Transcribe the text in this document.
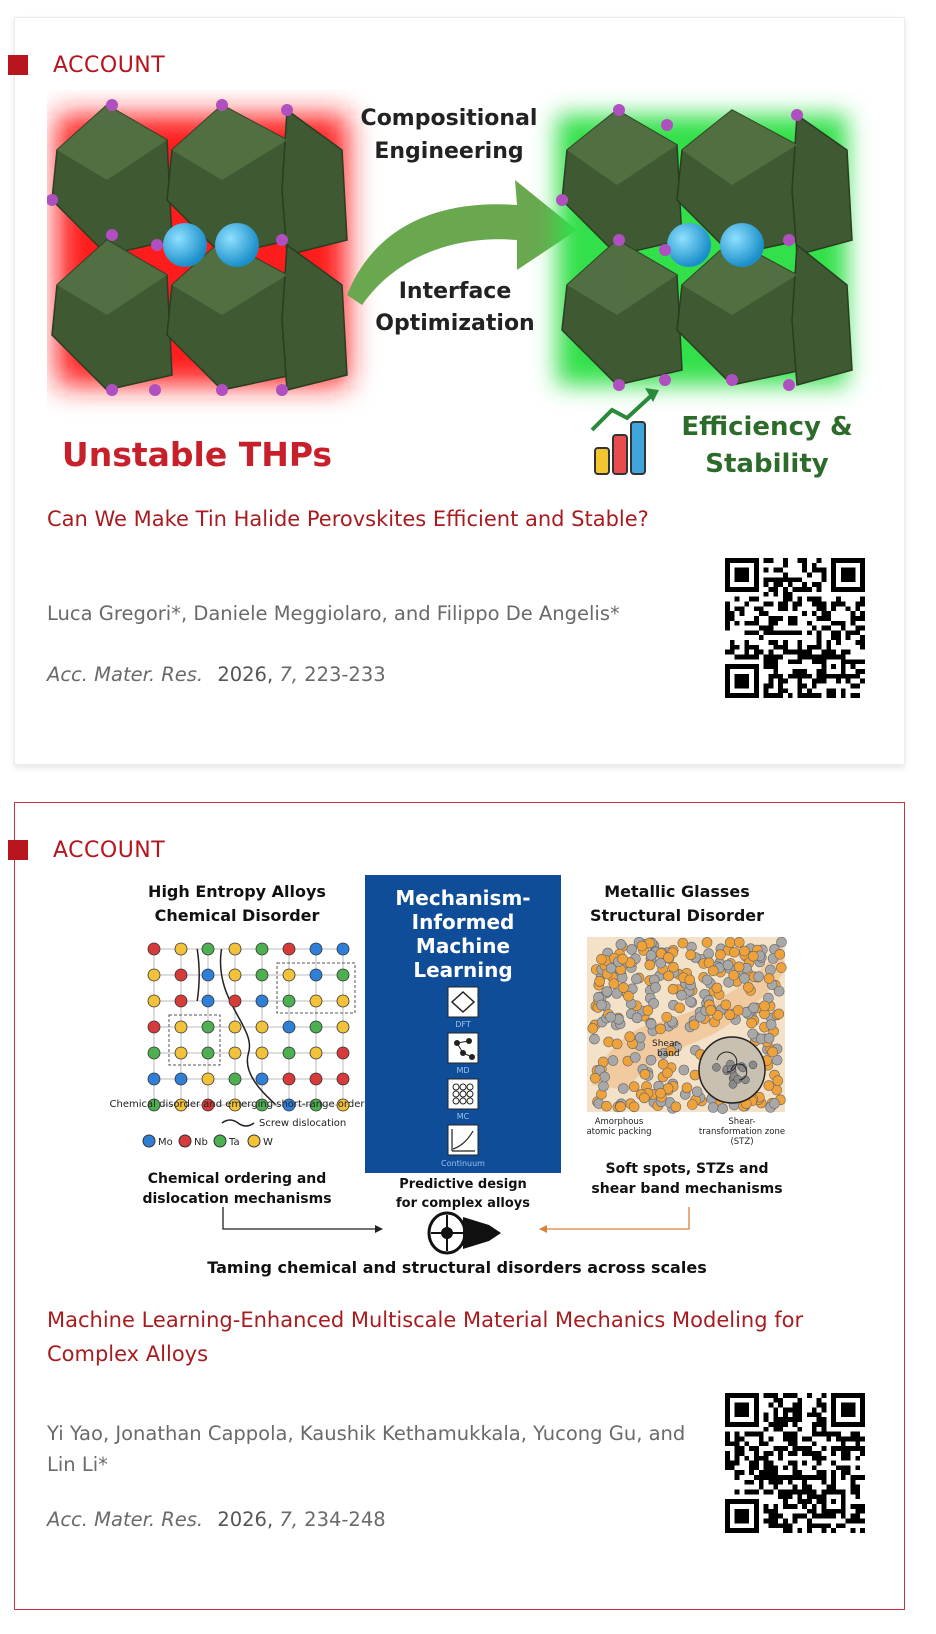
ACCOUNT
Compositional
Engineering
Interface
Optimization
Unstable THPs
Efficiency &
Stability
Can We Make Tin Halide Perovskites Efficient and Stable?
Luca Gregori*, Daniele Meggiolaro, and Filippo De Angelis*
Acc. Mater. Res. 2026, 7, 223-233
ACCOUNT
High Entropy Alloys
Chemical Disorder
Chemical disorder and emerging short-range order
Screw dislocation
Mo Nb Ta W
Chemical ordering and
dislocation mechanisms
Mechanism-
Informed
Machine
Learning
DFT
MD
MC
Continuum
Predictive design
for complex alloys
Metallic Glasses
Structural Disorder
Shear-
band
Amorphous
atomic packing
Shear-
transformation zone
(STZ)
Soft spots, STZs and
shear band mechanisms
Taming chemical and structural disorders across scales
Machine Learning-Enhanced Multiscale Material Mechanics Modeling for Complex Alloys
Yi Yao, Jonathan Cappola, Kaushik Kethamukkala, Yucong Gu, and Lin Li*
Acc. Mater. Res. 2026, 7, 234-248
